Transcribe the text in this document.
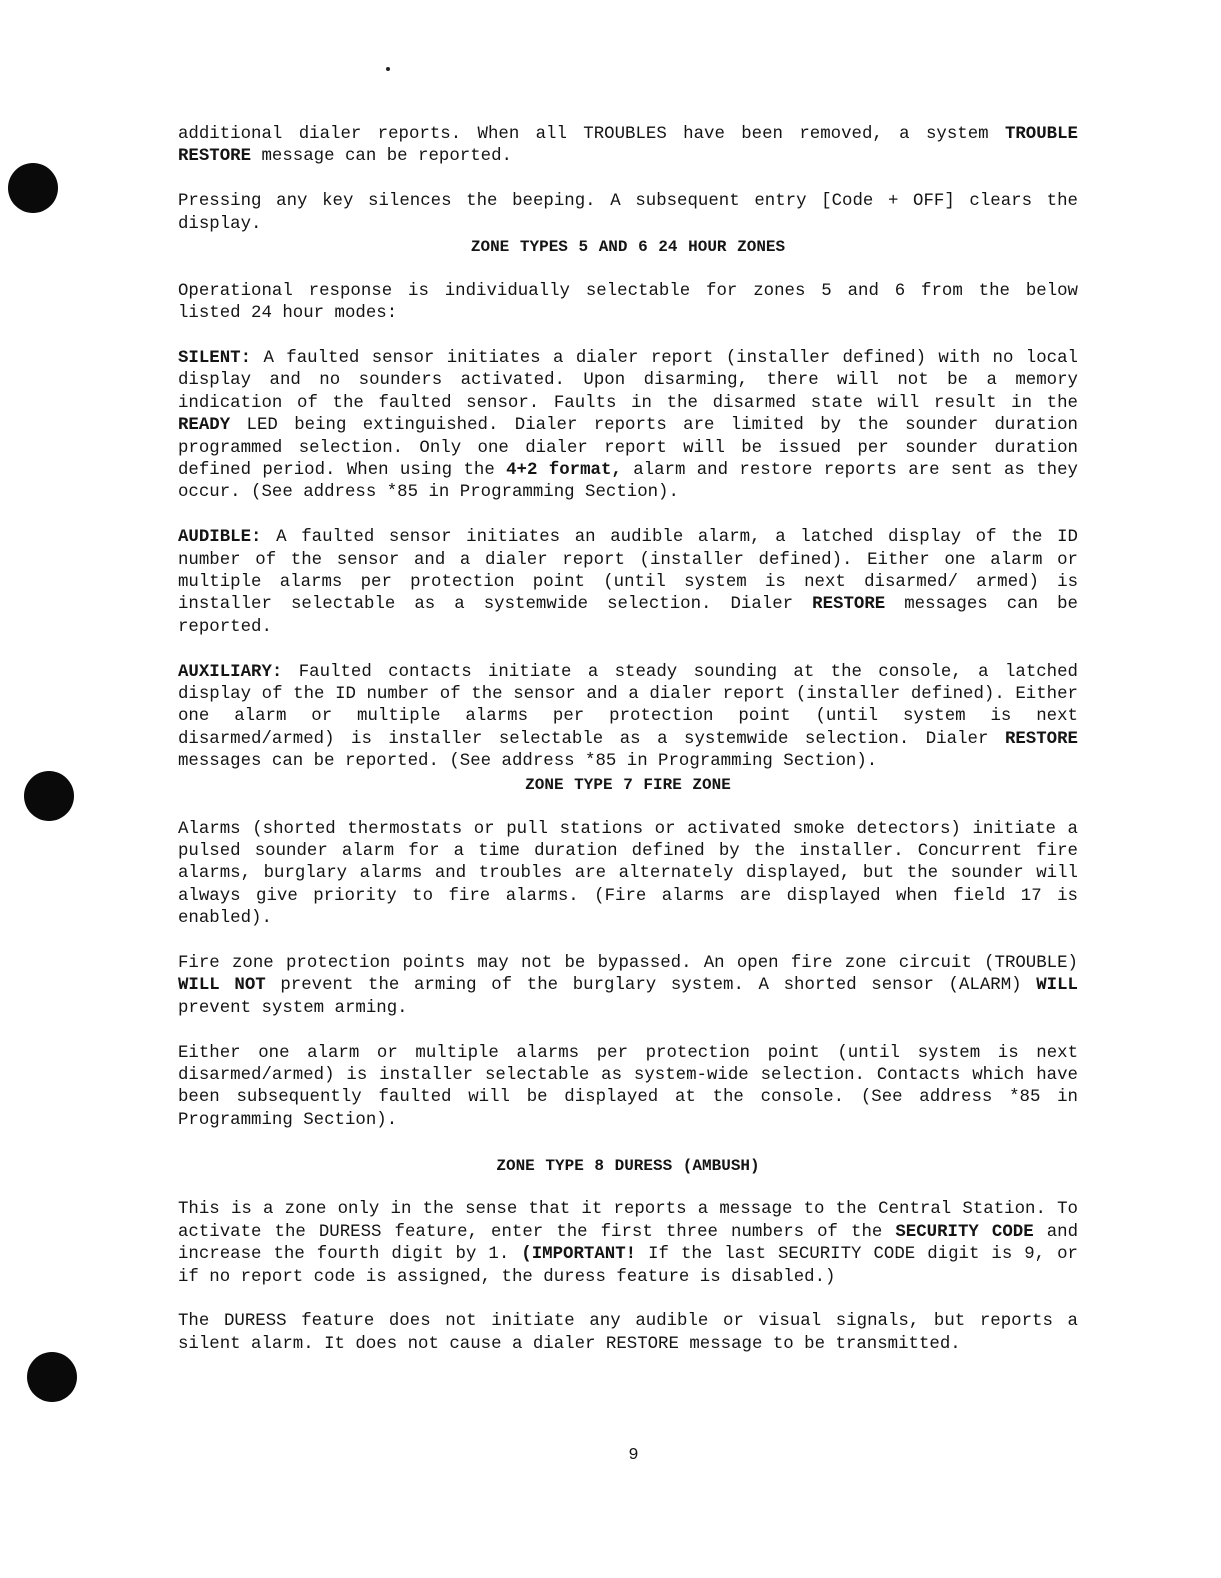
additional dialer reports. When all TROUBLES have been removed, a system TROUBLE RESTORE message can be reported.

Pressing any key silences the beeping. A subsequent entry [Code + OFF] clears the display.

ZONE TYPES 5 AND 6 24 HOUR ZONES

Operational response is individually selectable for zones 5 and 6 from the below listed 24 hour modes:

SILENT: A faulted sensor initiates a dialer report (installer defined) with no local display and no sounders activated. Upon disarming, there will not be a memory indication of the faulted sensor. Faults in the disarmed state will result in the READY LED being extinguished. Dialer reports are limited by the sounder duration programmed selection. Only one dialer report will be issued per sounder duration defined period. When using the 4+2 format, alarm and restore reports are sent as they occur. (See address *85 in Programming Section).

AUDIBLE: A faulted sensor initiates an audible alarm, a latched display of the ID number of the sensor and a dialer report (installer defined). Either one alarm or multiple alarms per protection point (until system is next disarmed/ armed) is installer selectable as a systemwide selection. Dialer RESTORE messages can be reported.

AUXILIARY: Faulted contacts initiate a steady sounding at the console, a latched display of the ID number of the sensor and a dialer report (installer defined). Either one alarm or multiple alarms per protection point (until system is next disarmed/armed) is installer selectable as a systemwide selection. Dialer RESTORE messages can be reported. (See address *85 in Programming Section).

ZONE TYPE 7 FIRE ZONE

Alarms (shorted thermostats or pull stations or activated smoke detectors) initiate a pulsed sounder alarm for a time duration defined by the installer. Concurrent fire alarms, burglary alarms and troubles are alternately displayed, but the sounder will always give priority to fire alarms. (Fire alarms are displayed when field 17 is enabled).

Fire zone protection points may not be bypassed. An open fire zone circuit (TROUBLE) WILL NOT prevent the arming of the burglary system. A shorted sensor (ALARM) WILL prevent system arming.

Either one alarm or multiple alarms per protection point (until system is next disarmed/armed) is installer selectable as system-wide selection. Contacts which have been subsequently faulted will be displayed at the console. (See address *85 in Programming Section).

ZONE TYPE 8 DURESS (AMBUSH)

This is a zone only in the sense that it reports a message to the Central Station. To activate the DURESS feature, enter the first three numbers of the SECURITY CODE and increase the fourth digit by 1. (IMPORTANT! If the last SECURITY CODE digit is 9, or if no report code is assigned, the duress feature is disabled.)

The DURESS feature does not initiate any audible or visual signals, but reports a silent alarm. It does not cause a dialer RESTORE message to be transmitted.

9
